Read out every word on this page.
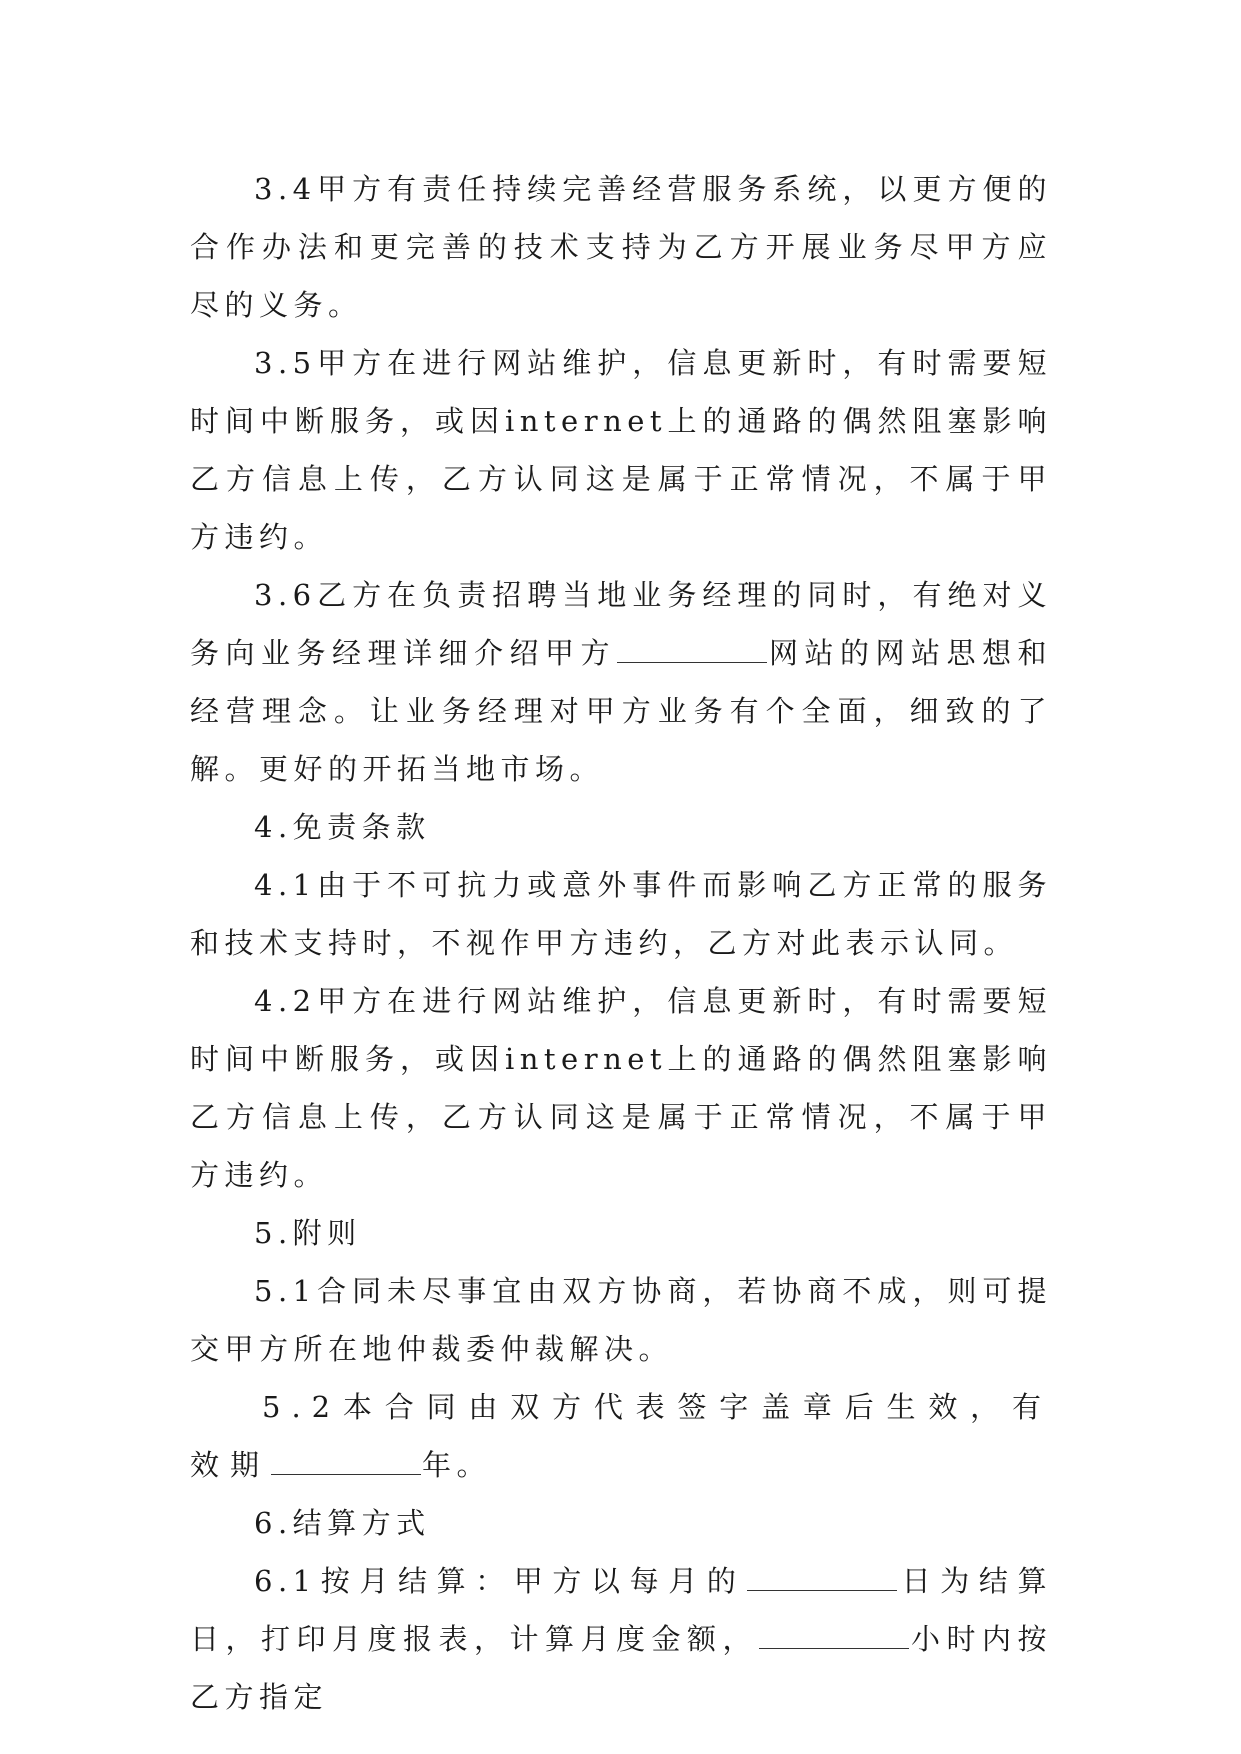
3.4甲方有责任持续完善经营服务系统，以更方便的合作办法和更完善的技术支持为乙方开展业务尽甲方应尽的义务。

3.5甲方在进行网站维护，信息更新时，有时需要短时间中断服务，或因internet上的通路的偶然阻塞影响乙方信息上传，乙方认同这是属于正常情况，不属于甲方违约。

3.6乙方在负责招聘当地业务经理的同时，有绝对义务向业务经理详细介绍甲方	网站的网站思想和经营理念。让业务经理对甲方业务有个全面，细致的了解。更好的开拓当地市场。

4.免责条款

4.1由于不可抗力或意外事件而影响乙方正常的服务和技术支持时，不视作甲方违约，乙方对此表示认同。

4.2甲方在进行网站维护，信息更新时，有时需要短时间中断服务，或因internet上的通路的偶然阻塞影响乙方信息上传，乙方认同这是属于正常情况，不属于甲方违约。

5.附则

5.1合同未尽事宜由双方协商，若协商不成，则可提交甲方所在地仲裁委仲裁解决。

5.2本合同由双方代表签字盖章后生效，有效期	年。

6.结算方式

6.1按月结算：甲方以每月的	日为结算日，打印月度报表，计算月度金额，	小时内按乙方指定
